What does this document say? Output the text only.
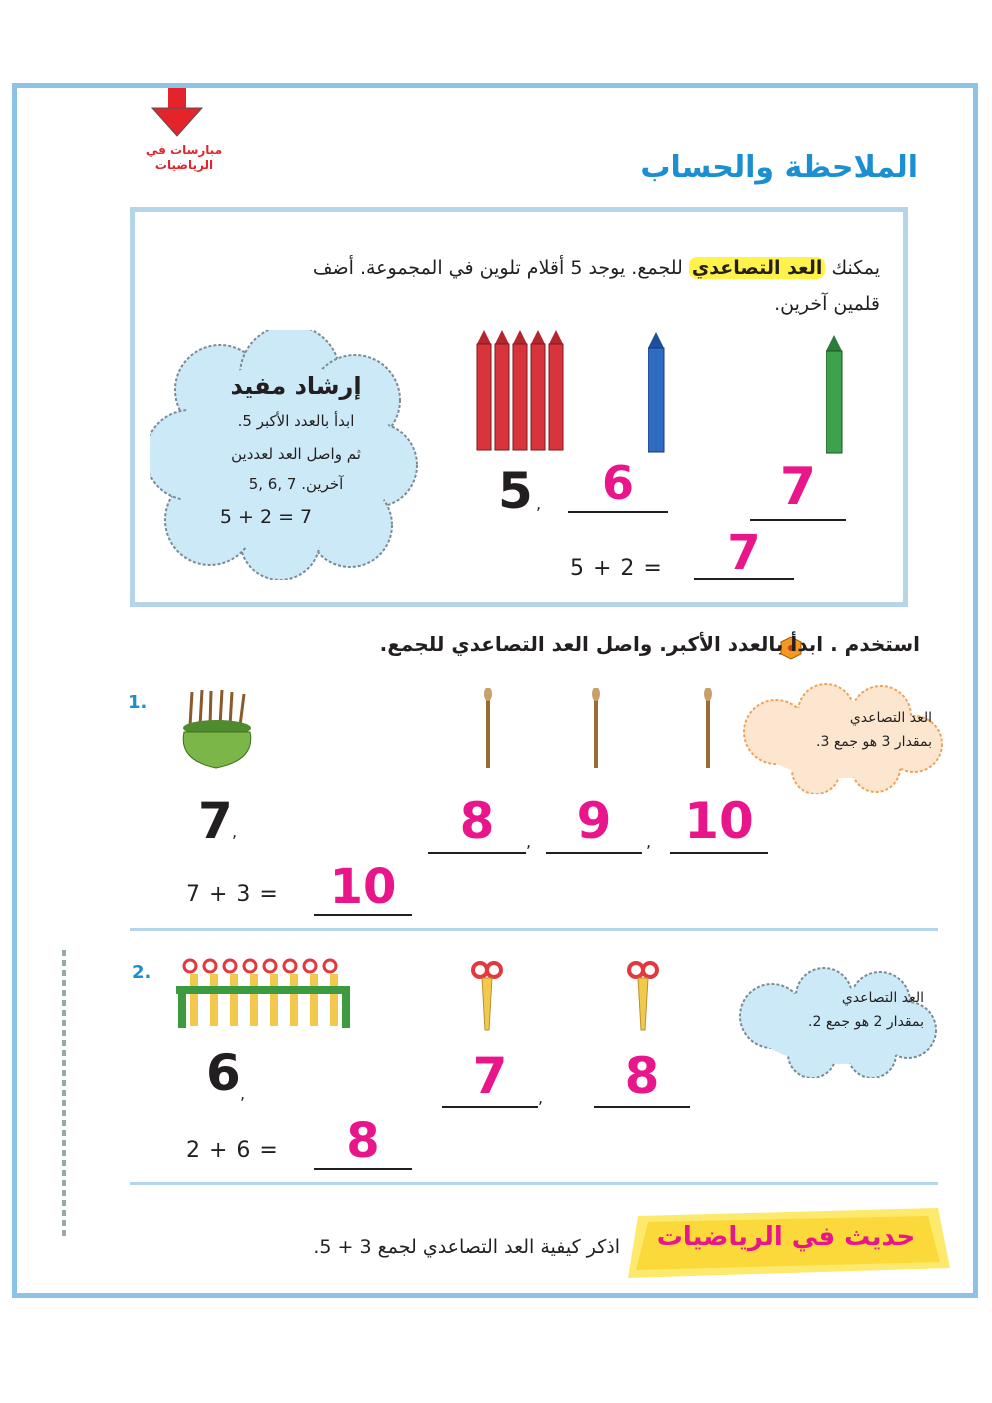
مبارسات في الرياضيات	الملاحظة والحساب
يمكنك العد التصاعدي للجمع. يوجد 5 أقلام تلوين في المجموعة. أضف قلمين آخرين.
إرشاد مفيد
ابدأ بالعدد الأكبر 5.
ثم واصل العد لعددين
آخرين. 7 ,6 ,5
5 + 2 = 7	5 ,	6	7
5 + 2 =	7
استخدم . ابدأ بالعدد الأكبر. واصل العد التصاعدي للجمع.
1.
العد التصاعدي
بمقدار 3 هو جمع 3.
7 ,	8	, 9	, 10
7 + 3 =	10
2.
العد التصاعدي
بمقدار 2 هو جمع 2.
6 ,	7	,	8
2 + 6 =	8
حديث في الرياضيات
اذكر كيفية العد التصاعدي لجمع 3 + 5.
